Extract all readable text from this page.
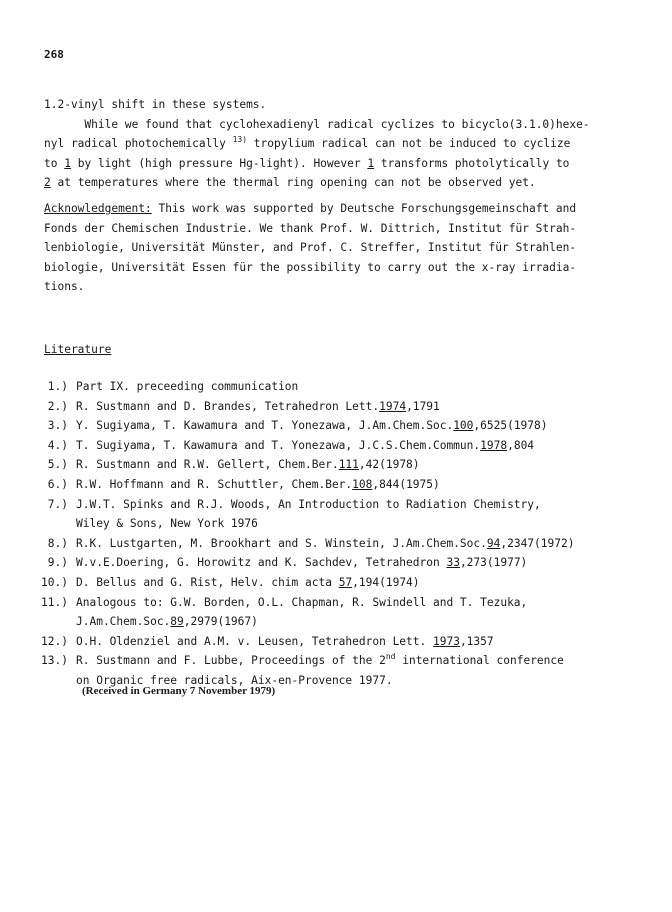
268
1.2-vinyl shift in these systems.
While we found that cyclohexadienyl radical cyclizes to bicyclo(3.1.0)hexe-
nyl radical photochemically $^{13)}$ tropylium radical can not be induced to cyclize
to 1 by light (high pressure Hg-light). However 1 transforms photolytically to
2 at temperatures where the thermal ring opening can not be observed yet.
Acknowledgement: This work was supported by Deutsche Forschungsgemeinschaft and
Fonds der Chemischen Industrie. We thank Prof. W. Dittrich, Institut für Strah-
lenbiologie, Universität Münster, and Prof. C. Streffer, Institut für Strahlen-
biologie, Universität Essen für the possibility to carry out the x-ray irradia-
tions.
Literature
1.) Part IX. preceeding communication
2.) R. Sustmann and D. Brandes, Tetrahedron Lett.1974,1791
3.) Y. Sugiyama, T. Kawamura and T. Yonezawa, J.Am.Chem.Soc.100,6525(1978)
4.) T. Sugiyama, T. Kawamura and T. Yonezawa, J.C.S.Chem.Commun.1978,804
5.) R. Sustmann and R.W. Gellert, Chem.Ber.111,42(1978)
6.) R.W. Hoffmann and R. Schuttler, Chem.Ber.108,844(1975)
7.) J.W.T. Spinks and R.J. Woods, An Introduction to Radiation Chemistry,
Wiley & Sons, New York 1976
8.) R.K. Lustgarten, M. Brookhart and S. Winstein, J.Am.Chem.Soc.94,2347(1972)
9.) W.v.E.Doering, G. Horowitz and K. Sachdev, Tetrahedron 33,273(1977)
10.) D. Bellus and G. Rist, Helv. chim acta 57,194(1974)
11.) Analogous to: G.W. Borden, O.L. Chapman, R. Swindell and T. Tezuka,
J.Am.Chem.Soc.89,2979(1967)
12.) O.H. Oldenziel and A.M. v. Leusen, Tetrahedron Lett. 1973,1357
13.) R. Sustmann and F. Lubbe, Proceedings of the 2nd international conference
on Organic free radicals, Aix-en-Provence 1977.
(Received in Germany 7 November 1979)
